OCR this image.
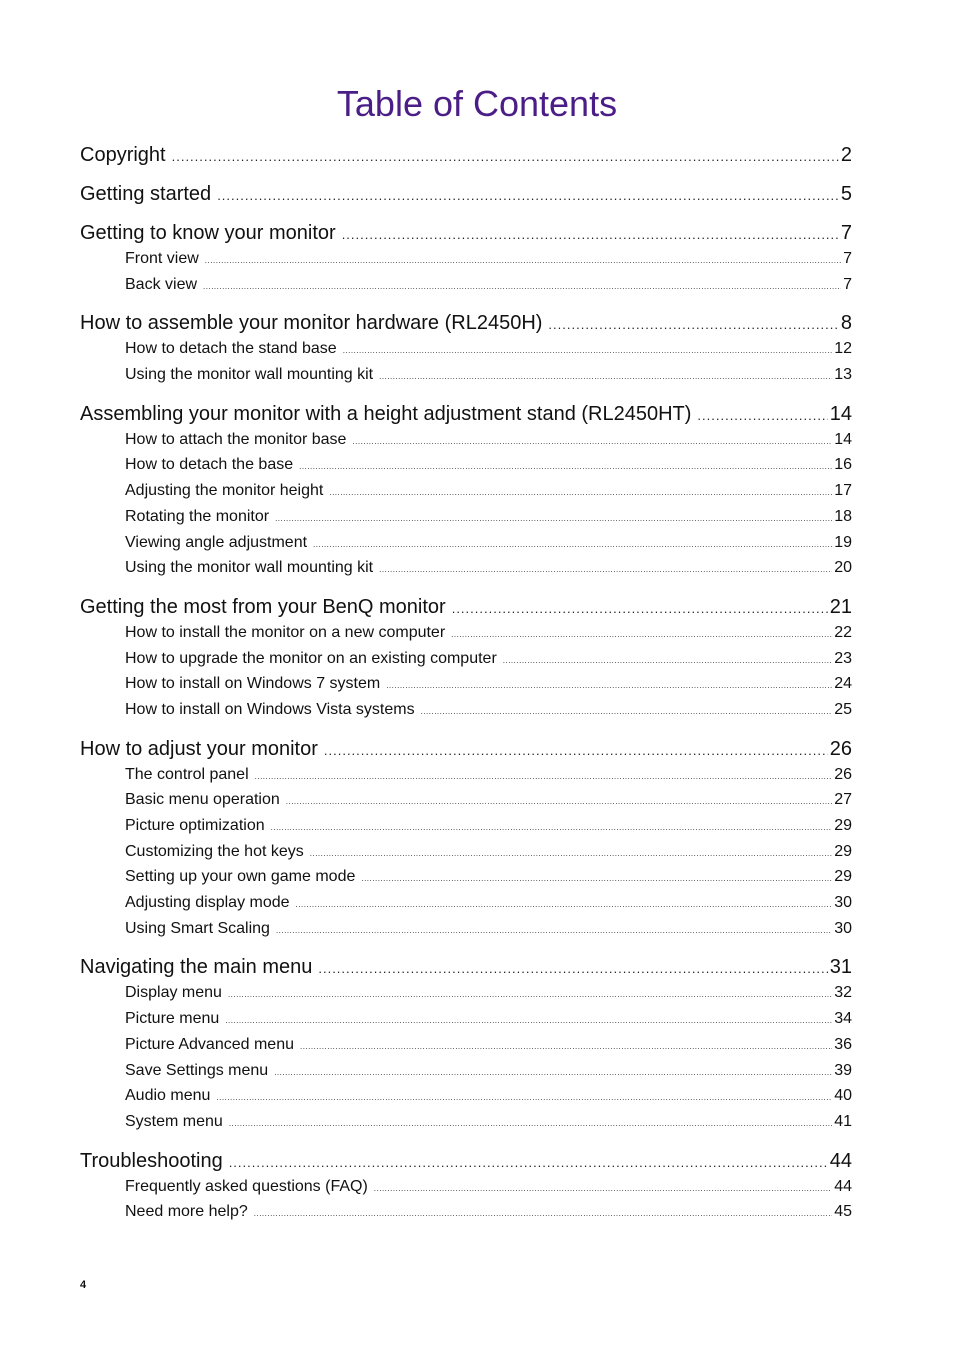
Table of Contents
Copyright .....	2
Getting started .....	5
Getting to know your monitor .....	7
Front view .....	7
Back view .....	7
How to assemble your monitor hardware (RL2450H) .....	8
How to detach the stand base .....	12
Using the monitor wall mounting kit .....	13
Assembling your monitor with a height adjustment stand (RL2450HT) .....	14
How to attach the monitor base .....	14
How to detach the base .....	16
Adjusting the monitor height .....	17
Rotating the monitor .....	18
Viewing angle adjustment .....	19
Using the monitor wall mounting kit .....	20
Getting the most from your BenQ monitor .....	21
How to install the monitor on a new computer .....	22
How to upgrade the monitor on an existing computer .....	23
How to install on Windows 7 system .....	24
How to install on Windows Vista systems .....	25
How to adjust your monitor .....	26
The control panel .....	26
Basic menu operation .....	27
Picture optimization .....	29
Customizing the hot keys .....	29
Setting up your own game mode .....	29
Adjusting display mode .....	30
Using Smart Scaling .....	30
Navigating the main menu .....	31
Display menu .....	32
Picture menu .....	34
Picture Advanced menu .....	36
Save Settings menu .....	39
Audio menu .....	40
System menu .....	41
Troubleshooting .....	44
Frequently asked questions (FAQ) .....	44
Need more help? .....	45
4
